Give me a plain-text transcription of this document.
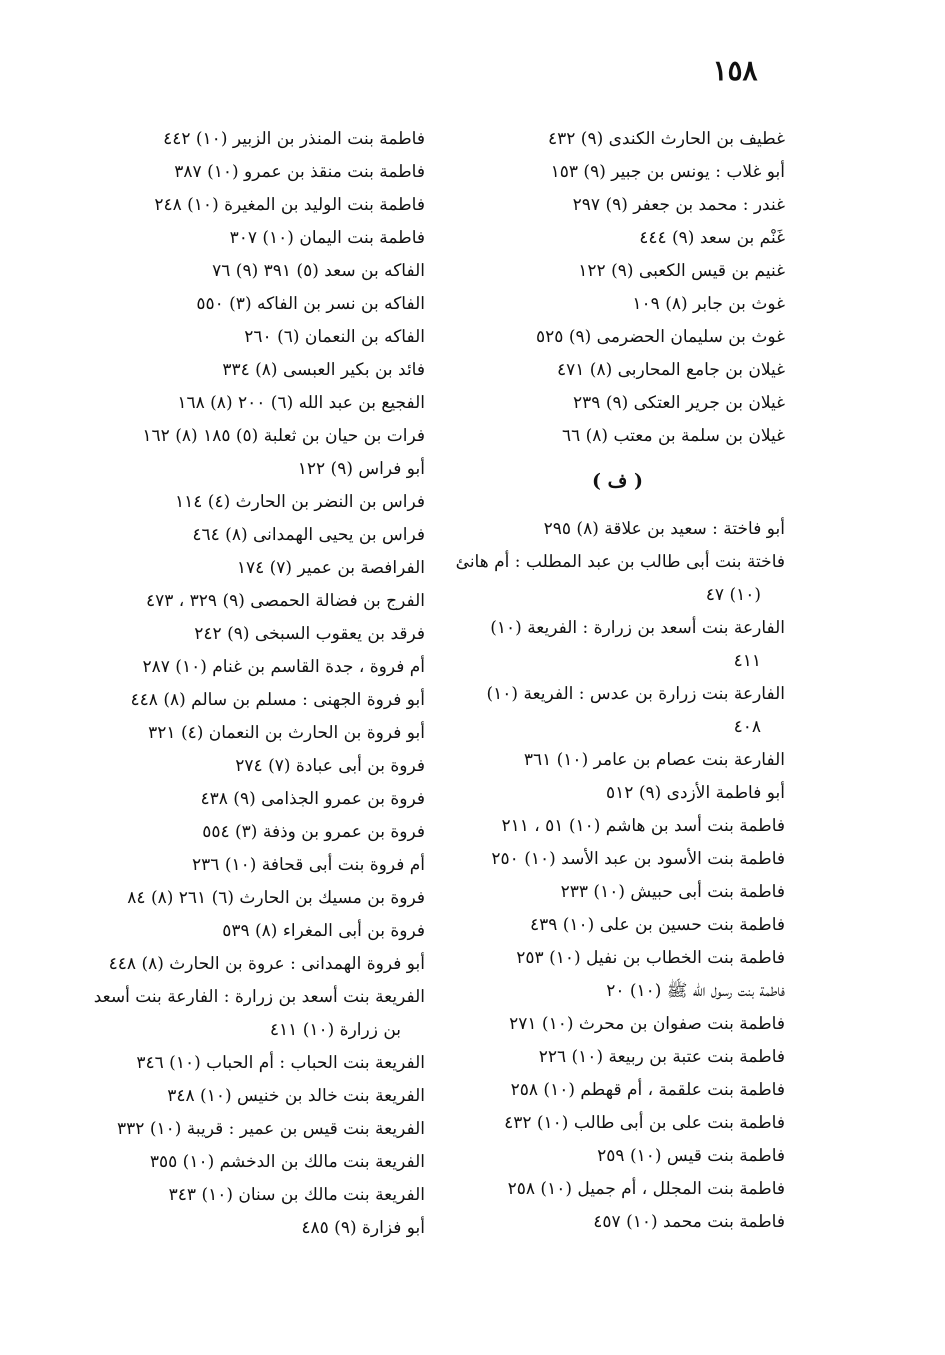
١٥٨
غطيف بن الحارث الكندى (٩) ٤٣٢
أبو غلاب : يونس بن جبير (٩) ١٥٣
غندر : محمد بن جعفر (٩) ٢٩٧
غَنْم بن سعد (٩) ٤٤٤
غنيم بن قيس الكعبى (٩) ١٢٢
غوث بن جابر (٨) ١٠٩
غوث بن سليمان الحضرمى (٩) ٥٢٥
غيلان بن جامع المحاربى (٨) ٤٧١
غيلان بن جرير العتكى (٩) ٢٣٩
غيلان بن سلمة بن معتب (٨) ٦٦
( ف )
أبو فاختة : سعيد بن علاقة (٨) ٢٩٥
فاختة بنت أبى طالب بن عبد المطلب : أم هانئ
(١٠) ٤٧
الفارعة بنت أسعد بن زرارة : الفريعة (١٠)
٤١١
الفارعة بنت زرارة بن عدس : الفريعة (١٠)
٤٠٨
الفارعة بنت عصام بن عامر (١٠) ٣٦١
أبو فاطمة الأزدى (٩) ٥١٢
فاطمة بنت أسد بن هاشم (١٠) ٥١ ، ٢١١
فاطمة بنت الأسود بن عبد الأسد (١٠) ٢٥٠
فاطمة بنت أبى حبيش (١٠) ٢٣٣
فاطمة بنت حسين بن على (١٠) ٤٣٩
فاطمة بنت الخطاب بن نفيل (١٠) ٢٥٣
فاطمة بنت رسول الله ﷺ (١٠) ٢٠
فاطمة بنت صفوان بن محرث (١٠) ٢٧١
فاطمة بنت عتبة بن ربيعة (١٠) ٢٢٦
فاطمة بنت علقمة ، أم قهطم (١٠) ٢٥٨
فاطمة بنت على بن أبى طالب (١٠) ٤٣٢
فاطمة بنت قيس (١٠) ٢٥٩
فاطمة بنت المجلل ، أم جميل (١٠) ٢٥٨
فاطمة بنت محمد (١٠) ٤٥٧
فاطمة بنت المنذر بن الزبير (١٠) ٤٤٢
فاطمة بنت منقذ بن عمرو (١٠) ٣٨٧
فاطمة بنت الوليد بن المغيرة (١٠) ٢٤٨
فاطمة بنت اليمان (١٠) ٣٠٧
الفاكه بن سعد (٥) ٣٩١ (٩) ٧٦
الفاكه بن نسر بن الفاكه (٣) ٥٥٠
الفاكه بن النعمان (٦) ٢٦٠
فائد بن بكير العبسى (٨) ٣٣٤
الفجيع بن عبد الله (٦) ٢٠٠ (٨) ١٦٨
فرات بن حيان بن ثعلبة (٥) ١٨٥ (٨) ١٦٢
أبو فراس (٩) ١٢٢
فراس بن النضر بن الحارث (٤) ١١٤
فراس بن يحيى الهمدانى (٨) ٤٦٤
الفرافصة بن عمير (٧) ١٧٤
الفرج بن فضالة الحمصى (٩) ٣٢٩ ، ٤٧٣
فرقد بن يعقوب السبخى (٩) ٢٤٢
أم فروة ، جدة القاسم بن غنام (١٠) ٢٨٧
أبو فروة الجهنى : مسلم بن سالم (٨) ٤٤٨
أبو فروة بن الحارث بن النعمان (٤) ٣٢١
فروة بن أبى عبادة (٧) ٢٧٤
فروة بن عمرو الجذامى (٩) ٤٣٨
فروة بن عمرو بن وذفة (٣) ٥٥٤
أم فروة بنت أبى قحافة (١٠) ٢٣٦
فروة بن مسيك بن الحارث (٦) ٢٦١ (٨) ٨٤
فروة بن أبى المغراء (٨) ٥٣٩
أبو فروة الهمدانى : عروة بن الحارث (٨) ٤٤٨
الفريعة بنت أسعد بن زرارة : الفارعة بنت أسعد
بن زرارة (١٠) ٤١١
الفريعة بنت الحباب : أم الحباب (١٠) ٣٤٦
الفريعة بنت خالد بن خنيس (١٠) ٣٤٨
الفريعة بنت قيس بن عمير : قريبة (١٠) ٣٣٢
الفريعة بنت مالك بن الدخشم (١٠) ٣٥٥
الفريعة بنت مالك بن سنان (١٠) ٣٤٣
أبو فزارة (٩) ٤٨٥
